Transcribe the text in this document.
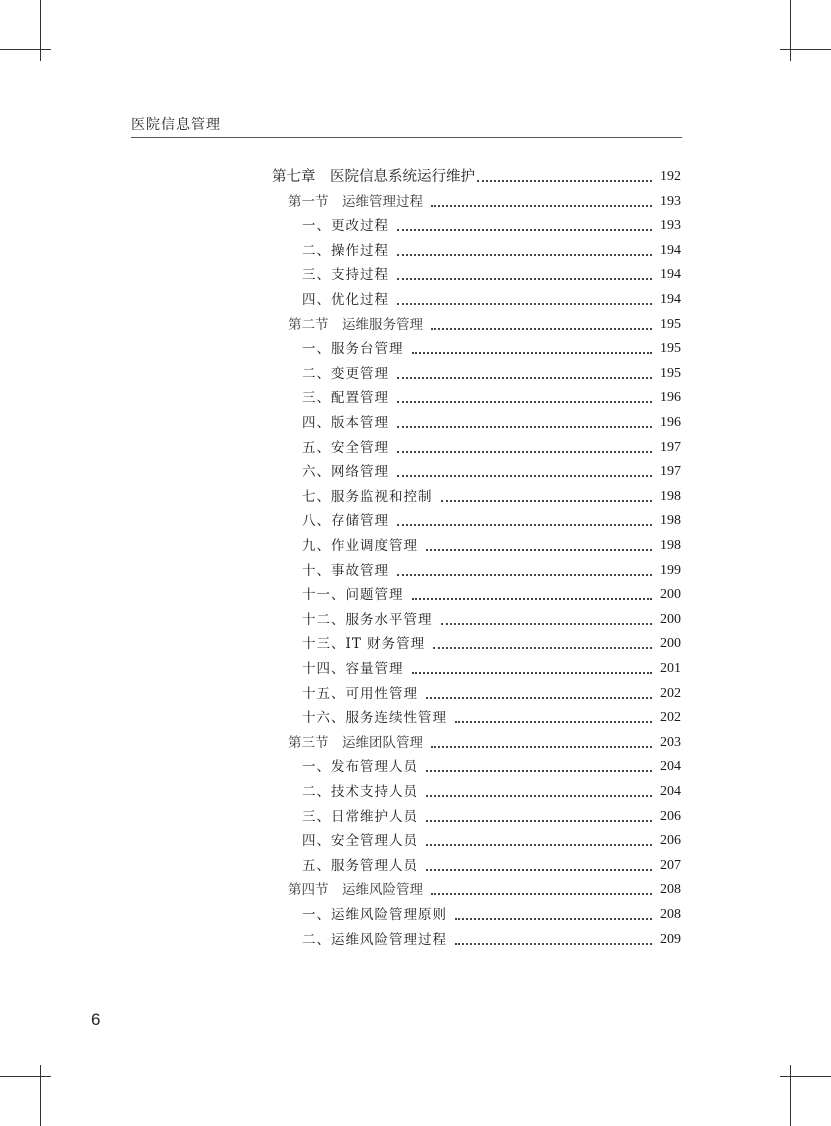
医院信息管理
第七章　医院信息系统运行维护	192
第一节　运维管理过程	193
一、更改过程	193
二、操作过程	194
三、支持过程	194
四、优化过程	194
第二节　运维服务管理	195
一、服务台管理	195
二、变更管理	195
三、配置管理	196
四、版本管理	196
五、安全管理	197
六、网络管理	197
七、服务监视和控制	198
八、存储管理	198
九、作业调度管理	198
十、事故管理	199
十一、问题管理	200
十二、服务水平管理	200
十三、IT 财务管理	200
十四、容量管理	201
十五、可用性管理	202
十六、服务连续性管理	202
第三节　运维团队管理	203
一、发布管理人员	204
二、技术支持人员	204
三、日常维护人员	206
四、安全管理人员	206
五、服务管理人员	207
第四节　运维风险管理	208
一、运维风险管理原则	208
二、运维风险管理过程	209
6
